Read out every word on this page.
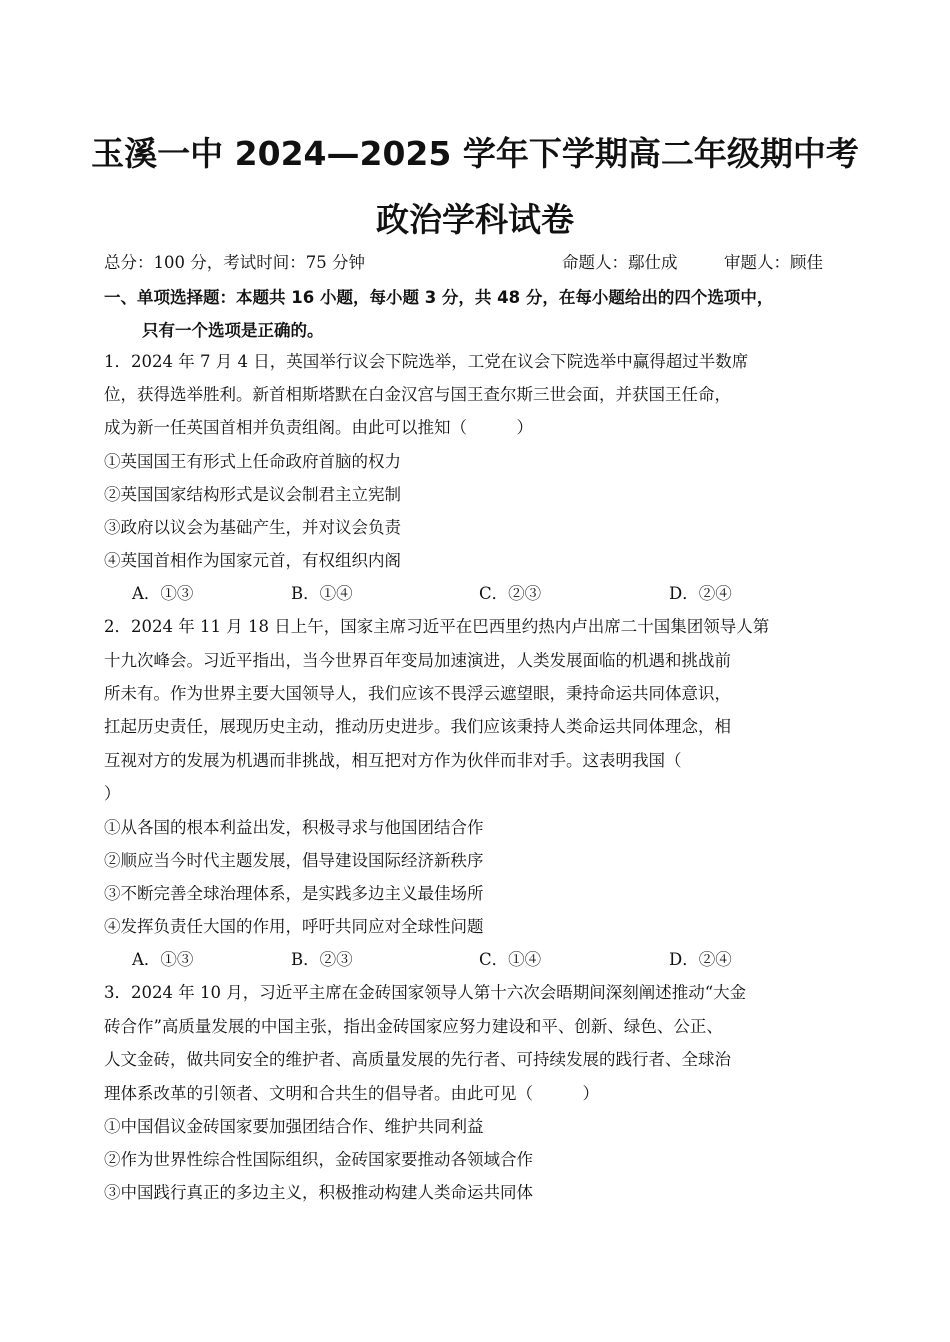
玉溪一中 2024—2025 学年下学期高二年级期中考
政治学科试卷
总分：100 分，考试时间：75 分钟	命题人：鄢仕成	审题人：顾佳
一、单项选择题：本题共 16 小题，每小题 3 分，共 48 分，在每小题给出的四个选项中，
只有一个选项是正确的。
1．2024 年 7 月 4 日，英国举行议会下院选举，工党在议会下院选举中赢得超过半数席
位，获得选举胜利。新首相斯塔默在白金汉宫与国王查尔斯三世会面，并获国王任命，
成为新一任英国首相并负责组阁。由此可以推知（　　　）
①英国国王有形式上任命政府首脑的权力
②英国国家结构形式是议会制君主立宪制
③政府以议会为基础产生，并对议会负责
④英国首相作为国家元首，有权组织内阁
A．①③	B．①④	C．②③	D．②④
2．2024 年 11 月 18 日上午，国家主席习近平在巴西里约热内卢出席二十国集团领导人第
十九次峰会。习近平指出，当今世界百年变局加速演进，人类发展面临的机遇和挑战前
所未有。作为世界主要大国领导人，我们应该不畏浮云遮望眼，秉持命运共同体意识，
扛起历史责任，展现历史主动，推动历史进步。我们应该秉持人类命运共同体理念，相
互视对方的发展为机遇而非挑战，相互把对方作为伙伴而非对手。这表明我国（
）
①从各国的根本利益出发，积极寻求与他国团结合作
②顺应当今时代主题发展，倡导建设国际经济新秩序
③不断完善全球治理体系，是实践多边主义最佳场所
④发挥负责任大国的作用，呼吁共同应对全球性问题
A．①③	B．②③	C．①④	D．②④
3．2024 年 10 月，习近平主席在金砖国家领导人第十六次会晤期间深刻阐述推动“大金
砖合作”高质量发展的中国主张，指出金砖国家应努力建设和平、创新、绿色、公正、
人文金砖，做共同安全的维护者、高质量发展的先行者、可持续发展的践行者、全球治
理体系改革的引领者、文明和合共生的倡导者。由此可见（　　　）
①中国倡议金砖国家要加强团结合作、维护共同利益
②作为世界性综合性国际组织，金砖国家要推动各领域合作
③中国践行真正的多边主义，积极推动构建人类命运共同体
